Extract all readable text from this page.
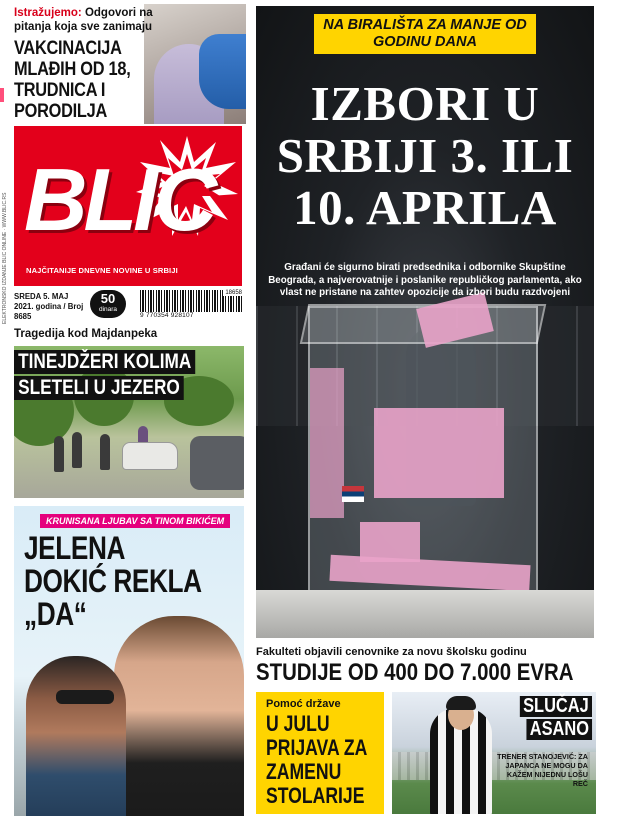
Istražujemo: Odgovori na pitanja koja sve zanimaju
VAKCINACIJA MLAĐIH OD 18, TRUDNICA I PORODILJA
ELEKTRONSKO IZDANJE BLIC ONLINE · WWW.BLIC.RS BLIC
NAJČITANIJE DNEVNE NOVINE U SRBIJI
SREDA 5. MAJ
2021. godina / Broj 8685
50
dinara
18658
9 770354 928107
Tragedija kod Majdanpeka
TINEJDŽERI KOLIMA
SLETELI U JEZERO
KRUNISANA LJUBAV SA TINOM BIKIĆEM
JELENA DOKIĆ REKLA „DA“
NA BIRALIŠTA ZA MANJE OD GODINU DANA
IZBORI U SRBIJI 3. ILI 10. APRILA
Građani će sigurno birati predsednika i odbornike Skupštine Beograda, a najverovatnije i poslanike republičkog parlamenta, ako vlast ne pristane na zahtev opozicije da izbori budu razdvojeni
Fakulteti objavili cenovnike za novu školsku godinu
STUDIJE OD 400 DO 7.000 EVRA
Pomoć države
U JULU PRIJAVA ZA ZAMENU STOLARIJE
SLUČAJ
ASANO
TRENER STANOJEVIĆ: ZA JAPANCA NE MOGU DA KAŽEM NIJEDNU LOŠU REČ
